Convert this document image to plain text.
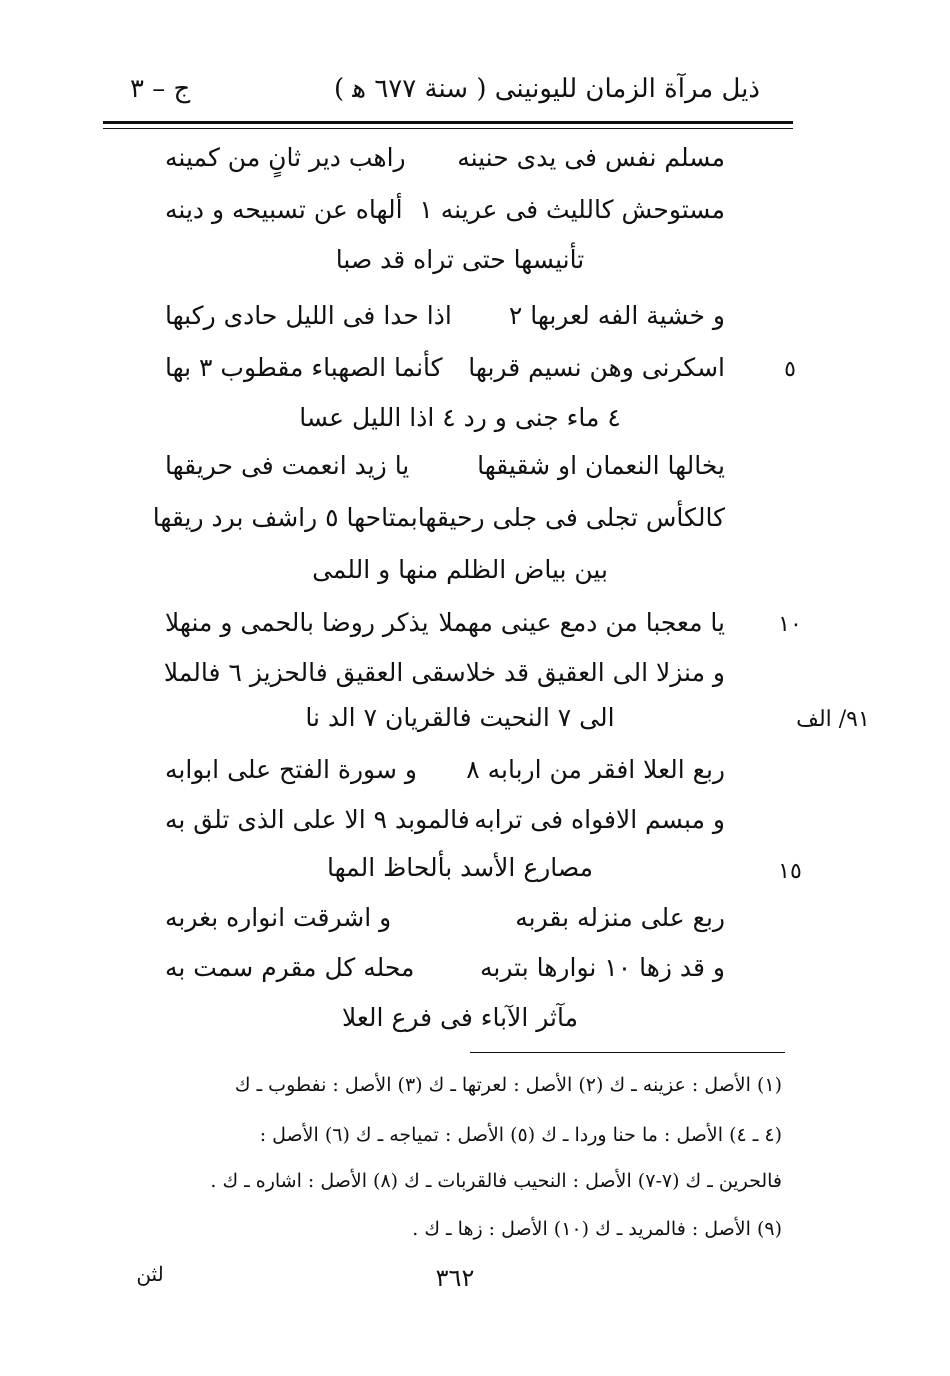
ذيل مرآة الزمان لليونينى ( سنة ٦٧٧ ﻫ )
ج – ٣
مسلم نفس فى يدى حنينه
راهب دير ثانٍ من كمينه
مستوحش كالليث فى عرينه ١
ألهاه عن تسبيحه و دينه
تأنيسها حتى تراه قد صبا
و خشية الفه لعربها ٢
اذا حدا فى الليل حادى ركبها
اسكرنى وهن نسيم قربها
كأنما الصهباء مقطوب ٣ بها	٥
٤ ماء جنى و رد ٤ اذا الليل عسا
يخالها النعمان او شقيقها
يا زيد انعمت فى حريقها
كالكأس تجلى فى جلى رحيقها
بمتاحها ٥ راشف برد ريقها
بين بياض الظلم منها و اللمى
يا معجبا من دمع عينى مهملا
يذكر روضا بالحمى و منهلا	١٠
و منزلا الى العقيق قد خلا
سقى العقيق فالحزيز ٦ فالملا
الى ٧ النحيت فالقريان ٧ الد نا	٩١/ الف
ربع العلا افقر من اربابه ٨
و سورة الفتح على ابوابه
و مبسم الافواه فى ترابه
فالموبد ٩ الا على الذى تلق به
مصارع الأسد بألحاظ المها	١٥
ربع على منزله بقربه
و اشرقت انواره بغربه
و قد زها ١٠ نوارها بتربه
محله كل مقرم سمت به
مآثر الآباء فى فرع العلا
(١) الأصل : عزينه ـ ك (٢) الأصل : لعرتها ـ ك (٣) الأصل : نفطوب ـ ك
(٤ ـ ٤) الأصل : ما حنا ورد‌ا ـ ك (٥) الأصل : تمياجه ـ ك (٦) الأصل :
فالحرين ـ ك (٧-٧) الأصل : النحيب فالقربات ـ ك (٨) الأصل : اشاره ـ ك .
(٩) الأصل : فالمريد ـ ك (١٠) الأصل : زها ـ ك .
٣٦٢
لثن
